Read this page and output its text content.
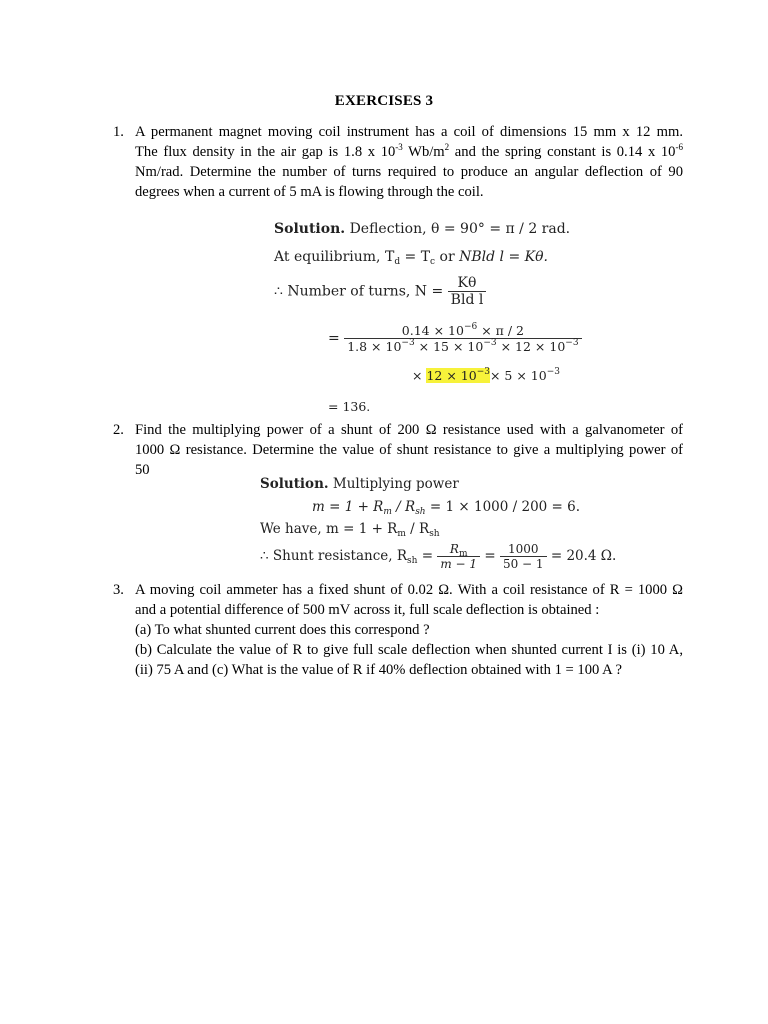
EXERCISES 3
1. A permanent magnet moving coil instrument has a coil of dimensions 15 mm x 12 mm.
The flux density in the air gap is 1.8 x $10^{-3}$ $Wb/m^2$ and the spring constant is 0.14 x $10^{-6}$
Nm/rad. Determine the number of turns required to produce an angular deflection of 90
degrees when a current of 5 mA is flowing through the coil.
Solution. Deflection, θ = 90° = π / 2 rad.
At equilibrium, $T_d = T_c$ or NBld l = Kθ.
∴ Number of turns, $N = \frac{K\theta}{\text{Bld l}}$
= $\frac{0.14 \times 10^{-6} \times \pi / 2}{1.8 \times 10^{-3} \times 15 \times 10^{-3} \times 12 \times 10^{-3}}$
× $12 \times 10^{-3}\times 5 \times 10^{-3}$
= 136.
2. Find the multiplying power of a shunt of 200 Ω resistance used with a galvanometer of
1000 Ω resistance. Determine the value of shunt resistance to give a multiplying power of
50
Solution. Multiplying power
$m = 1 + R_m / R_{sh} = 1 \times 1000 / 200 = 6$.
We have, $m = 1 + R_m / R_{sh}$
∴ Shunt resistance, $R_{sh} = \frac{R_m}{m - 1} = \frac{1000}{50 - 1} = 20.4$ Ω.
3. A moving coil ammeter has a fixed shunt of 0.02 Ω. With a coil resistance of R = 1000 Ω
and a potential difference of 500 mV across it, full scale deflection is obtained :
(a) To what shunted current does this correspond ?
(b) Calculate the value of R to give full scale deflection when shunted current I is (i) 10 A,
(ii) 75 A and (c) What is the value of R if 40% deflection obtained with 1 = 100 A ?
